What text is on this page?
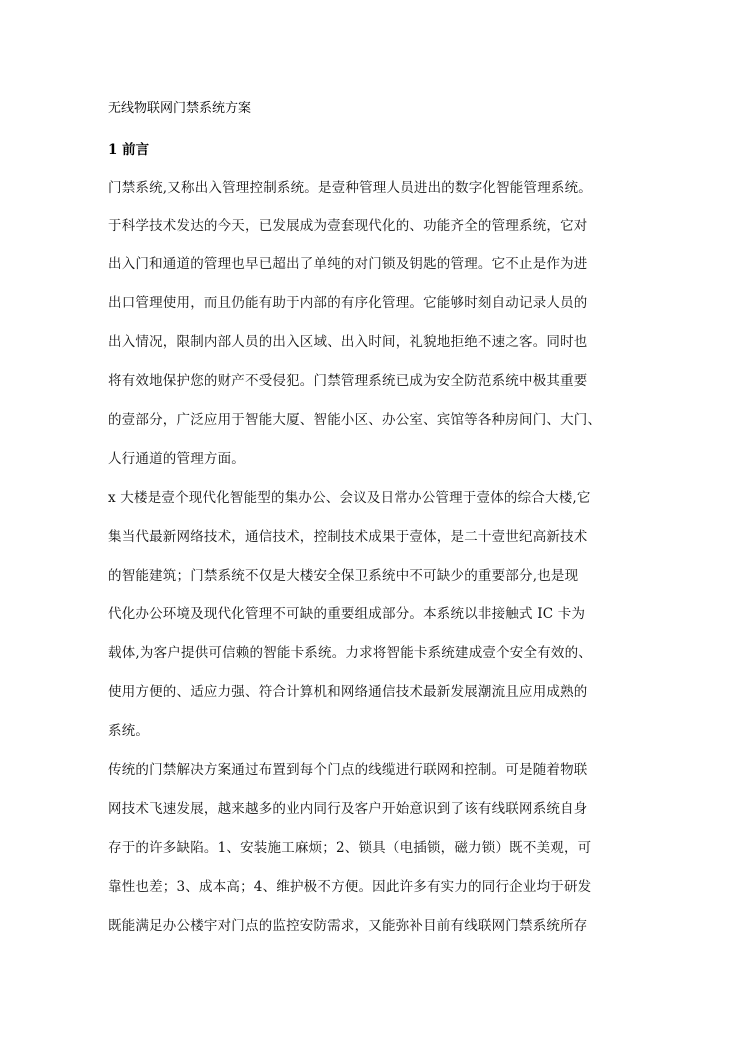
无线物联网门禁系统方案
1 前言
门禁系统,又称出入管理控制系统。是壹种管理人员进出的数字化智能管理系统。
于科学技术发达的今天，已发展成为壹套现代化的、功能齐全的管理系统，它对
出入门和通道的管理也早已超出了单纯的对门锁及钥匙的管理。它不止是作为进
出口管理使用，而且仍能有助于内部的有序化管理。它能够时刻自动记录人员的
出入情况，限制内部人员的出入区域、出入时间，礼貌地拒绝不速之客。同时也
将有效地保护您的财产不受侵犯。门禁管理系统已成为安全防范系统中极其重要
的壹部分，广泛应用于智能大厦、智能小区、办公室、宾馆等各种房间门、大门、
人行通道的管理方面。
x 大楼是壹个现代化智能型的集办公、会议及日常办公管理于壹体的综合大楼,它
集当代最新网络技术，通信技术，控制技术成果于壹体，是二十壹世纪高新技术
的智能建筑；门禁系统不仅是大楼安全保卫系统中不可缺少的重要部分,也是现
代化办公环境及现代化管理不可缺的重要组成部分。本系统以非接触式 IC 卡为
载体,为客户提供可信赖的智能卡系统。力求将智能卡系统建成壹个安全有效的、
使用方便的、适应力强、符合计算机和网络通信技术最新发展潮流且应用成熟的
系统。
传统的门禁解决方案通过布置到每个门点的线缆进行联网和控制。可是随着物联
网技术飞速发展，越来越多的业内同行及客户开始意识到了该有线联网系统自身
存于的许多缺陷。1、安装施工麻烦；2、锁具（电插锁，磁力锁）既不美观，可
靠性也差；3、成本高；4、维护极不方便。因此许多有实力的同行企业均于研发
既能满足办公楼宇对门点的监控安防需求，又能弥补目前有线联网门禁系统所存
